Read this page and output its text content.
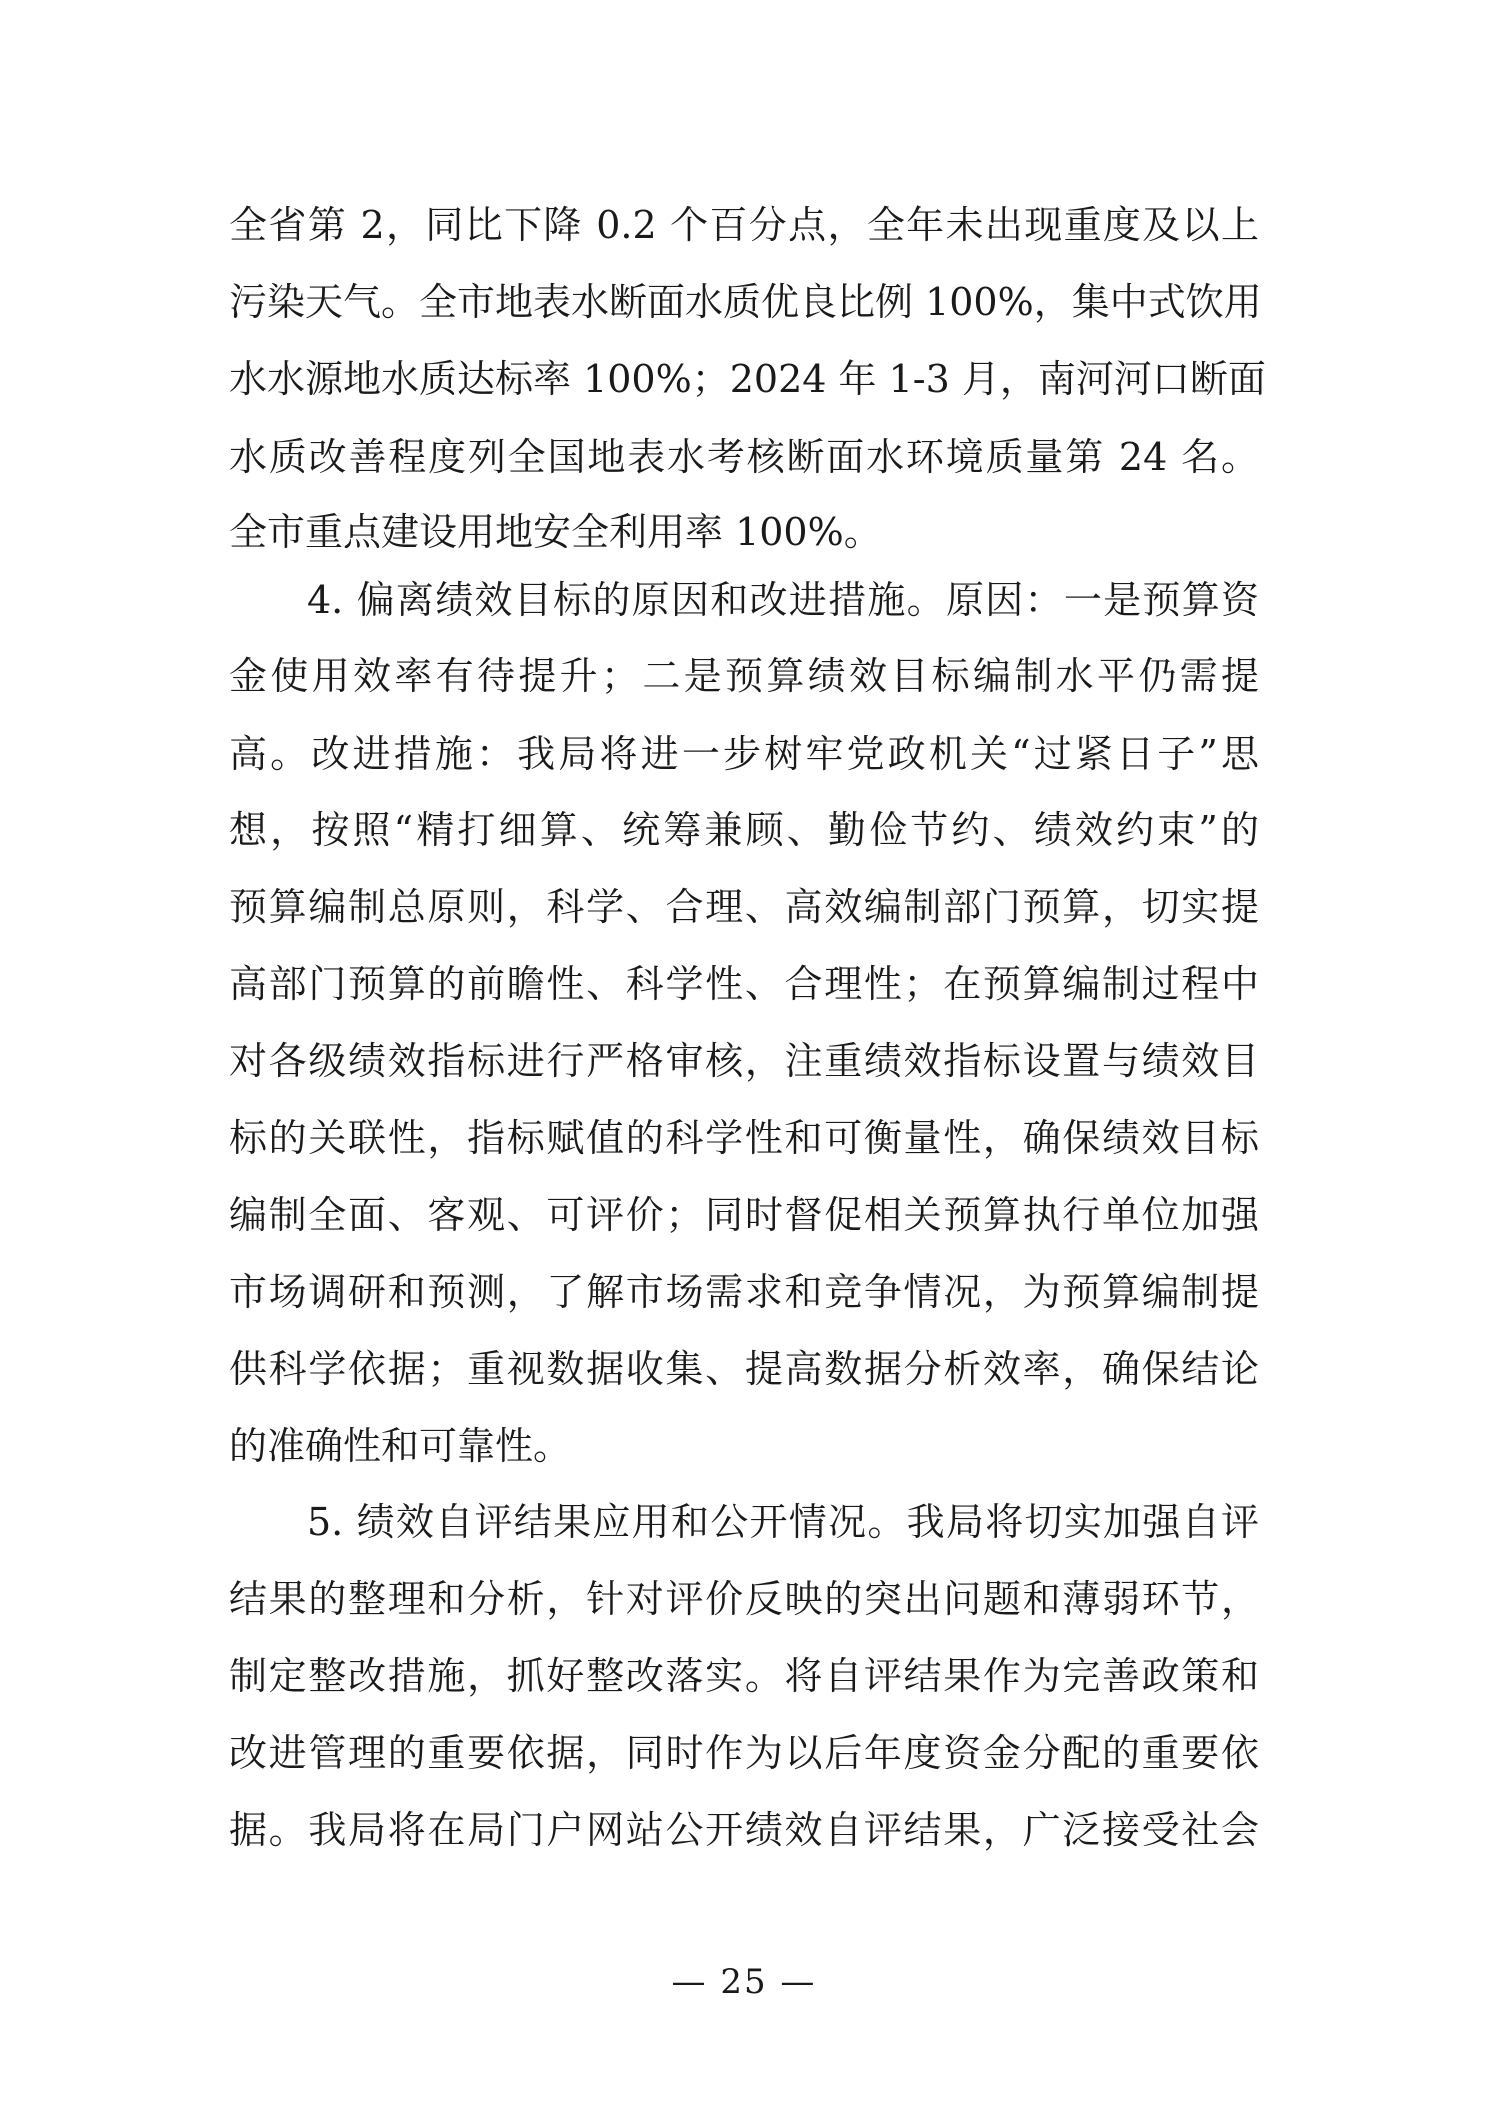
全省第 2，同比下降 0.2 个百分点，全年未出现重度及以上
污染天气。全市地表水断面水质优良比例 100%，集中式饮用
水水源地水质达标率 100%；2024 年 1-3 月，南河河口断面
水质改善程度列全国地表水考核断面水环境质量第 24 名。
全市重点建设用地安全利用率 100%。
4. 偏离绩效目标的原因和改进措施。原因：一是预算资
金使用效率有待提升；二是预算绩效目标编制水平仍需提
高。改进措施：我局将进一步树牢党政机关“过紧日子”思
想，按照“精打细算、统筹兼顾、勤俭节约、绩效约束”的
预算编制总原则，科学、合理、高效编制部门预算，切实提
高部门预算的前瞻性、科学性、合理性；在预算编制过程中
对各级绩效指标进行严格审核，注重绩效指标设置与绩效目
标的关联性，指标赋值的科学性和可衡量性，确保绩效目标
编制全面、客观、可评价；同时督促相关预算执行单位加强
市场调研和预测，了解市场需求和竞争情况，为预算编制提
供科学依据；重视数据收集、提高数据分析效率，确保结论
的准确性和可靠性。
5. 绩效自评结果应用和公开情况。我局将切实加强自评
结果的整理和分析，针对评价反映的突出问题和薄弱环节，
制定整改措施，抓好整改落实。将自评结果作为完善政策和
改进管理的重要依据，同时作为以后年度资金分配的重要依
据。我局将在局门户网站公开绩效自评结果，广泛接受社会
— 25 —
